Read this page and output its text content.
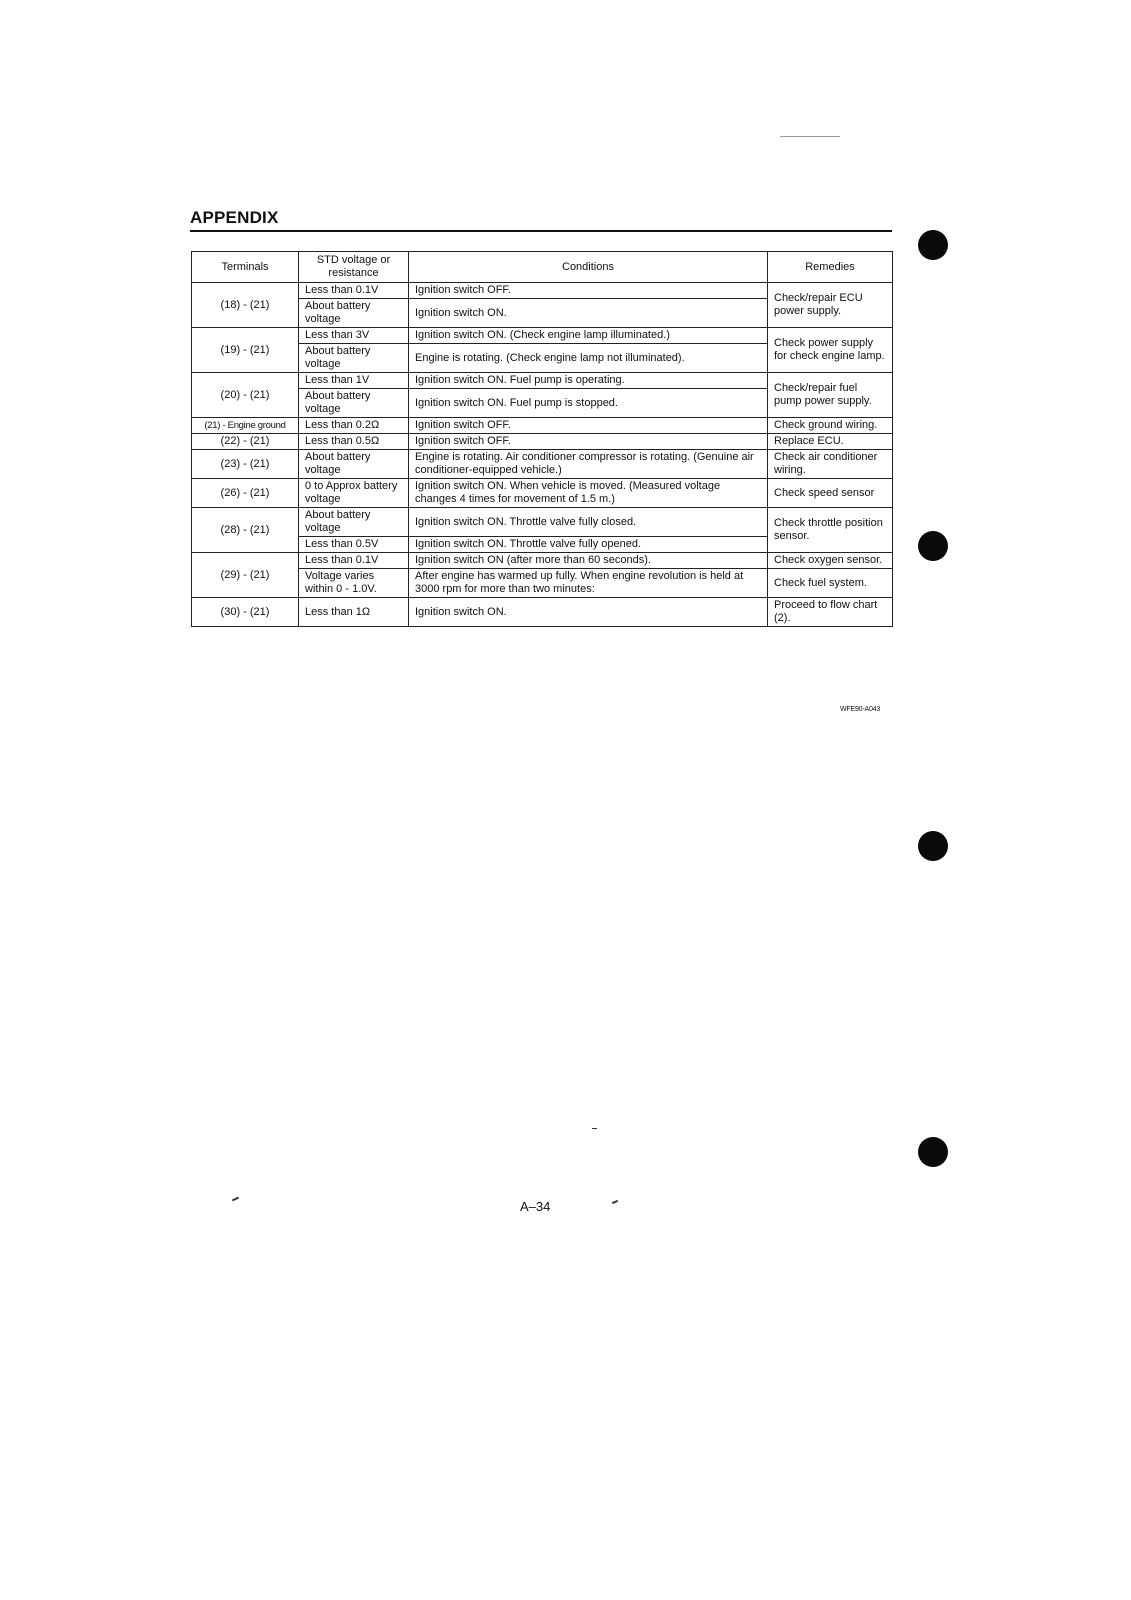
APPENDIX
Terminals	STD voltage or resistance	Conditions	Remedies
(18) - (21)	Less than 0.1V	Ignition switch OFF.	Check/repair ECU power supply.
	About battery voltage	Ignition switch ON.	
(19) - (21)	Less than 3V	Ignition switch ON. (Check engine lamp illuminated.)	Check power supply for check engine lamp.
	About battery voltage	Engine is rotating. (Check engine lamp not illuminated).	
(20) - (21)	Less than 1V	Ignition switch ON. Fuel pump is operating.	Check/repair fuel pump power supply.
	About battery voltage	Ignition switch ON. Fuel pump is stopped.	
(21) - Engine ground	Less than 0.2Ω	Ignition switch OFF.	Check ground wiring.
(22) - (21)	Less than 0.5Ω	Ignition switch OFF.	Replace ECU.
(23) - (21)	About battery voltage	Engine is rotating. Air conditioner compressor is rotating. (Genuine air conditioner-equipped vehicle.)	Check air conditioner wiring.
(26) - (21)	0 to Approx battery voltage	Ignition switch ON. When vehicle is moved. (Measured voltage changes 4 times for movement of 1.5 m.)	Check speed sensor
(28) - (21)	About battery voltage	Ignition switch ON. Throttle valve fully closed.	Check throttle position sensor.
	Less than 0.5V	Ignition switch ON. Throttle valve fully opened.	
(29) - (21)	Less than 0.1V	Ignition switch ON (after more than 60 seconds).	Check oxygen sensor.
	Voltage varies within 0 - 1.0V.	After engine has warmed up fully. When engine revolution is held at 3000 rpm for more than two minutes:	Check fuel system.
(30) - (21)	Less than 1Ω	Ignition switch ON.	Proceed to flow chart (2).
WFE90-A043
A–34
